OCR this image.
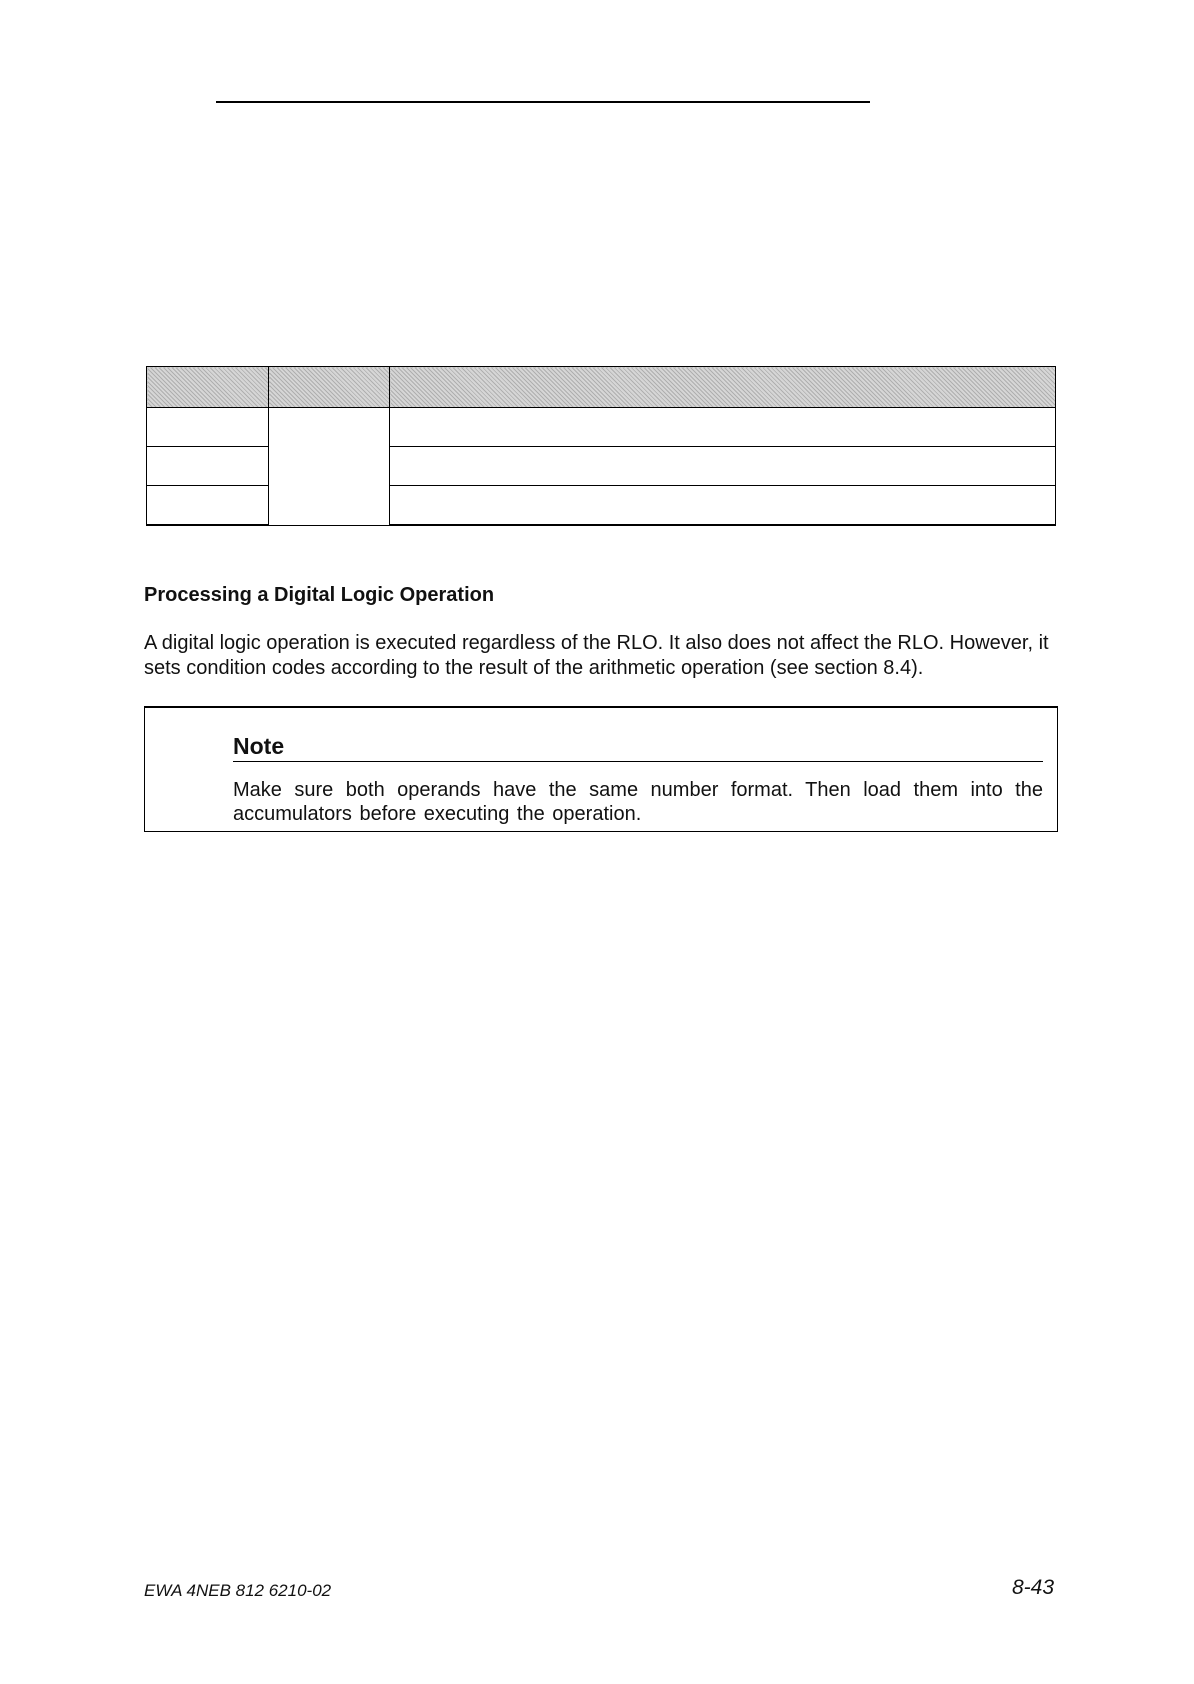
Processing a Digital Logic Operation

A digital logic operation is executed regardless of the RLO. It also does not affect the RLO. However, it sets condition codes according to the result of the arithmetic operation (see section 8.4).

Note

Make sure both operands have the same number format. Then load them into the accumulators before executing the operation.

EWA 4NEB 812 6210-02	8-43
